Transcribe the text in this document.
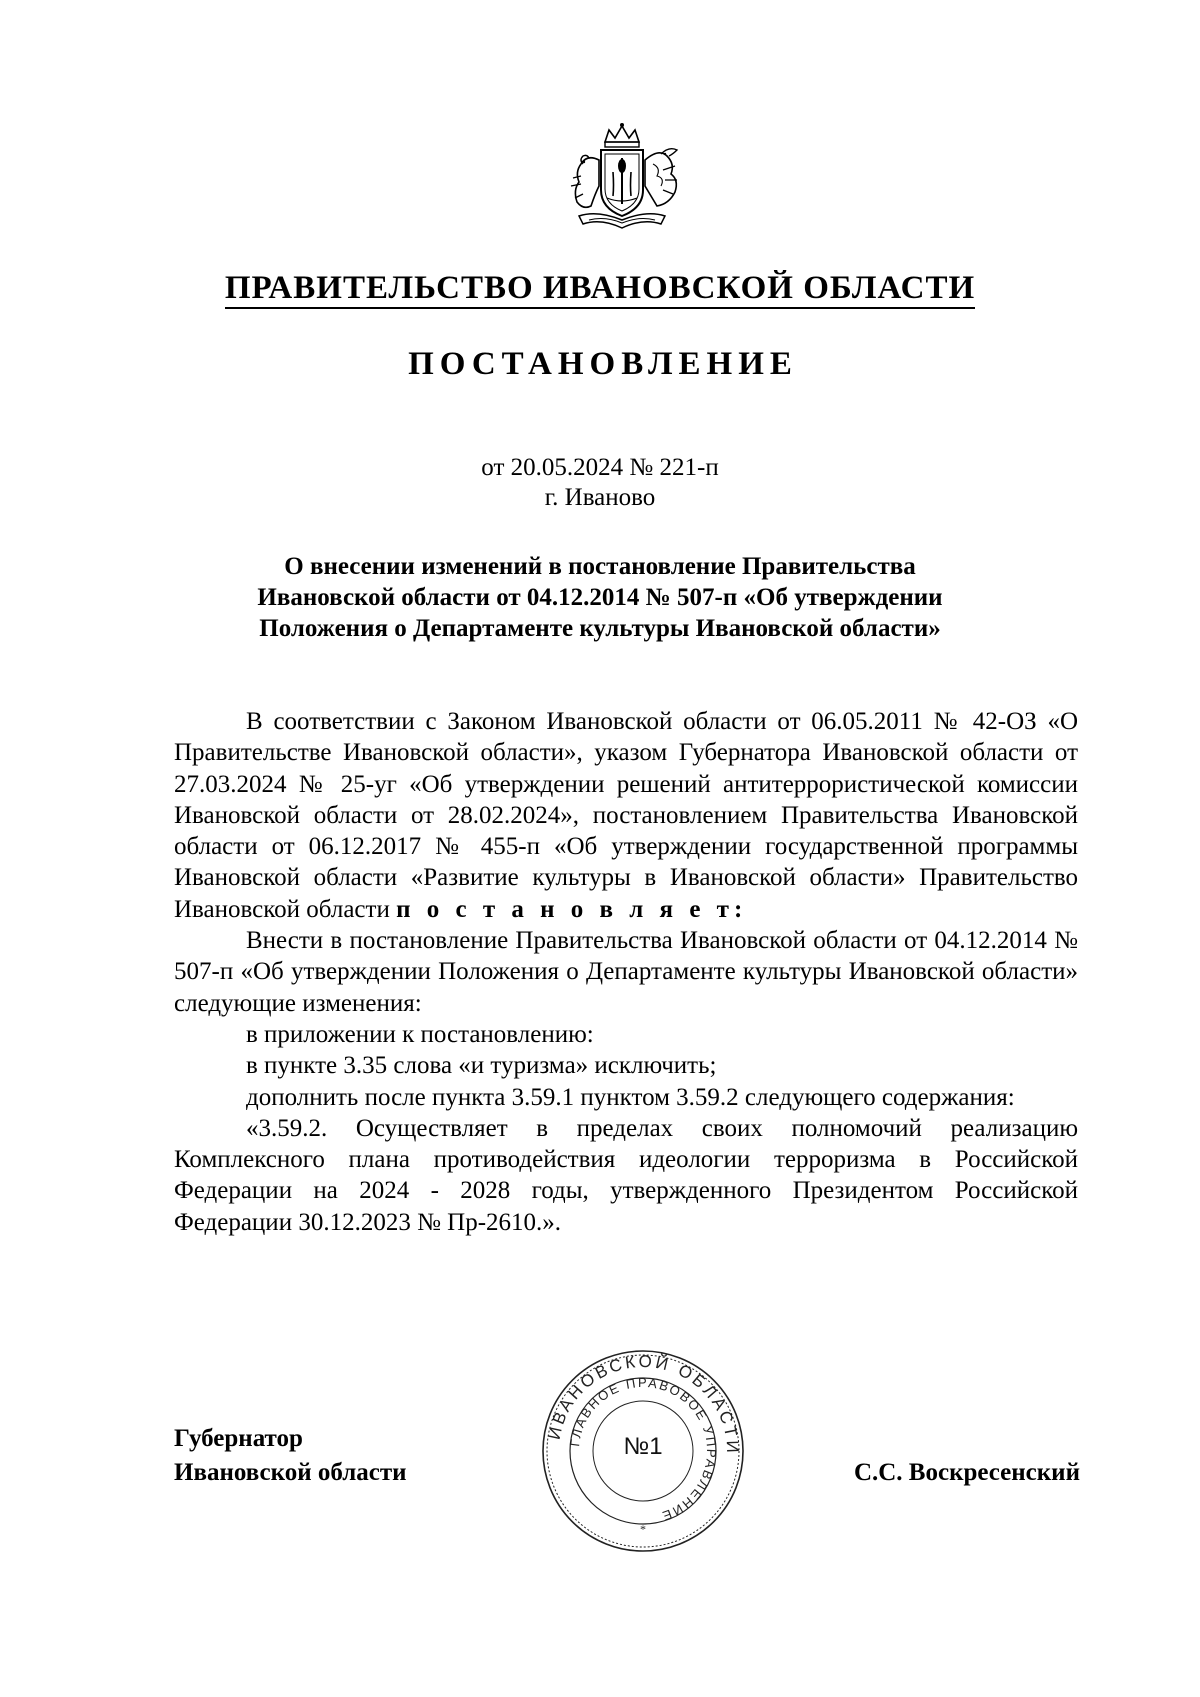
ПРАВИТЕЛЬСТВО ИВАНОВСКОЙ ОБЛАСТИ
ПОСТАНОВЛЕНИЕ
от 20.05.2024 № 221-п
г. Иваново
О внесении изменений в постановление Правительства
Ивановской области от 04.12.2014 № 507-п «Об утверждении
Положения о Департаменте культуры Ивановской области»

В соответствии с Законом Ивановской области от 06.05.2011 № 42-ОЗ «О Правительстве Ивановской области», указом Губернатора Ивановской области от 27.03.2024 № 25-уг «Об утверждении решений антитеррористической комиссии Ивановской области от 28.02.2024», постановлением Правительства Ивановской области от 06.12.2017 № 455-п «Об утверждении государственной программы Ивановской области «Развитие культуры в Ивановской области» Правительство Ивановской области п о с т а н о в л я е т:

Внести в постановление Правительства Ивановской области от 04.12.2014 № 507-п «Об утверждении Положения о Департаменте культуры Ивановской области» следующие изменения:

в приложении к постановлению:

в пункте 3.35 слова «и туризма» исключить;

дополнить после пункта 3.59.1 пунктом 3.59.2 следующего содержания:

«3.59.2. Осуществляет в пределах своих полномочий реализацию Комплексного плана противодействия идеологии терроризма в Российской Федерации на 2024 - 2028 годы, утвержденного Президентом Российской Федерации 30.12.2023 № Пр-2610.».

ИВАНОВСКОЙ ОБЛАСТИ
ГЛАВНОЕ ПРАВОВОЕ УПРАВЛЕНИЕ
*
№1
Губернатор
Ивановской области	С.С. Воскресенский
